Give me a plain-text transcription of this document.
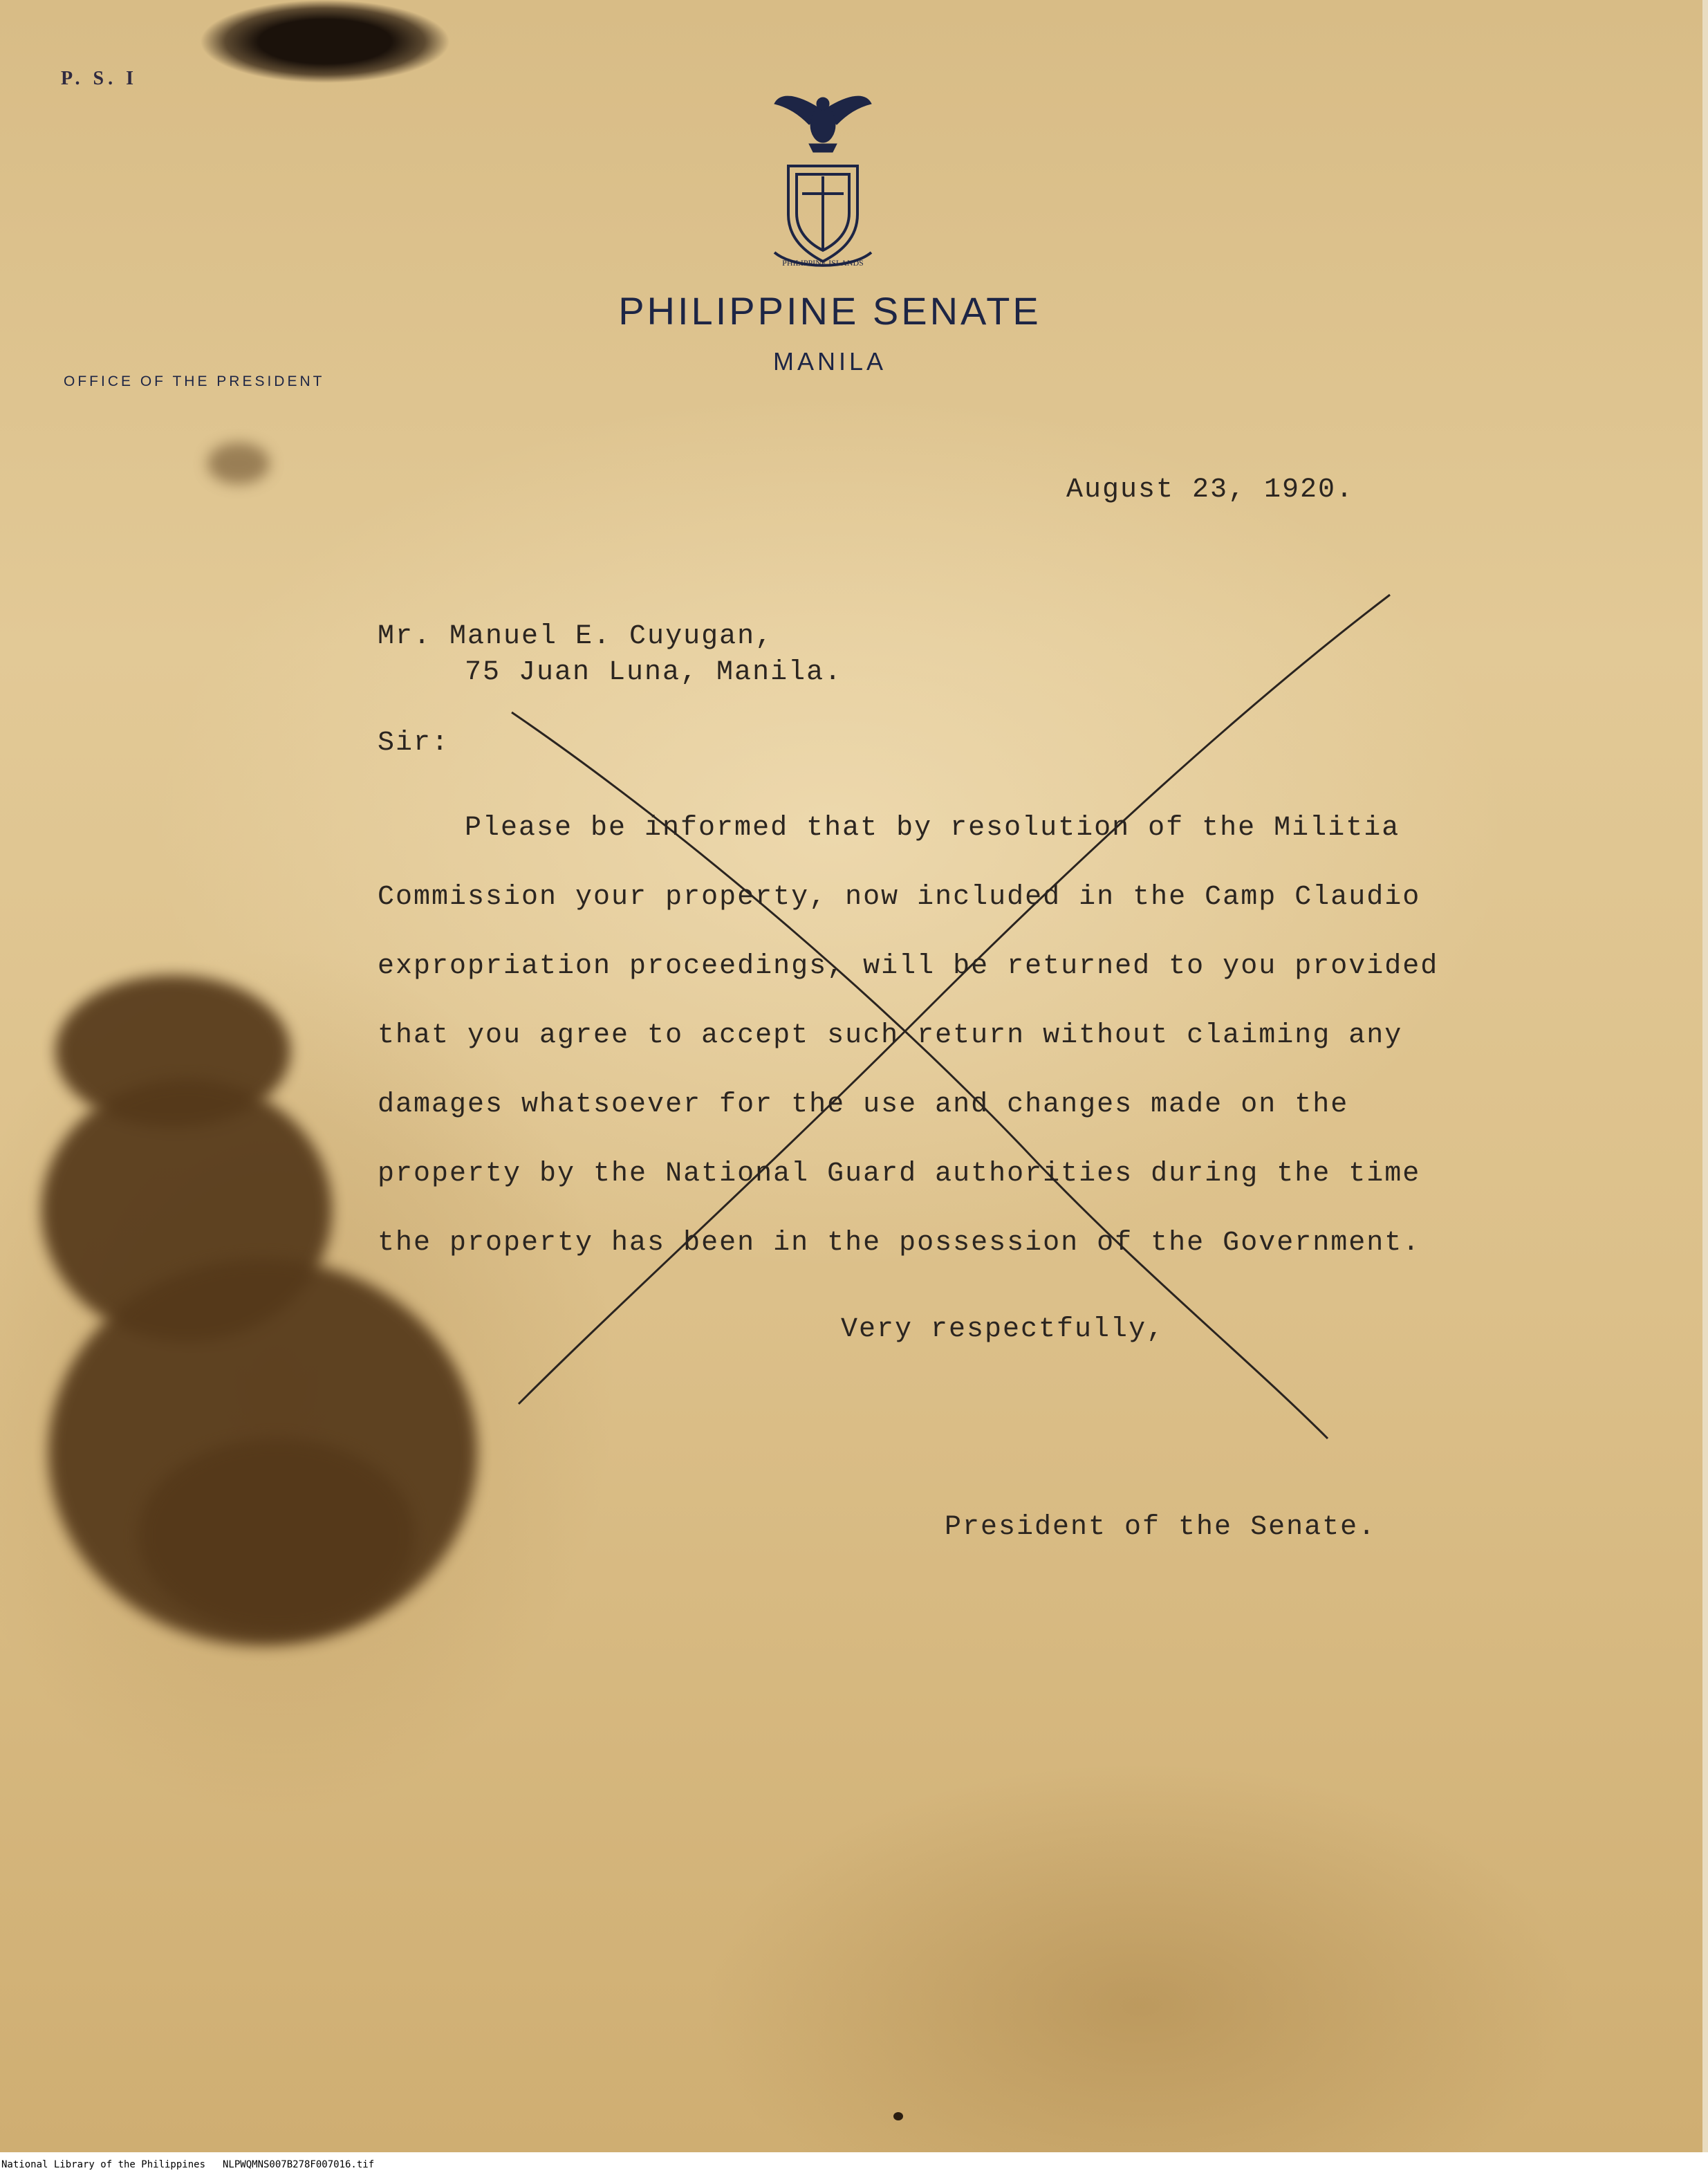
P. S. I
PHILIPPINE ISLANDS
PHILIPPINE SENATE
MANILA
OFFICE OF THE PRESIDENT
August 23, 1920.
Mr. Manuel E. Cuyugan,
75 Juan Luna, Manila.
Sir:
Please be informed that by resolution of the Militia
Commission your property, now included in the Camp Claudio
expropriation proceedings, will be returned to you provided
that you agree to accept such return without claiming any
damages whatsoever for the use and changes made on the
property by the National Guard authorities during the time
the property has been in the possession of the Government.
Very respectfully,
President of the Senate.
National Library of the Philippines NLPWQMNS007B278F007016.tif
